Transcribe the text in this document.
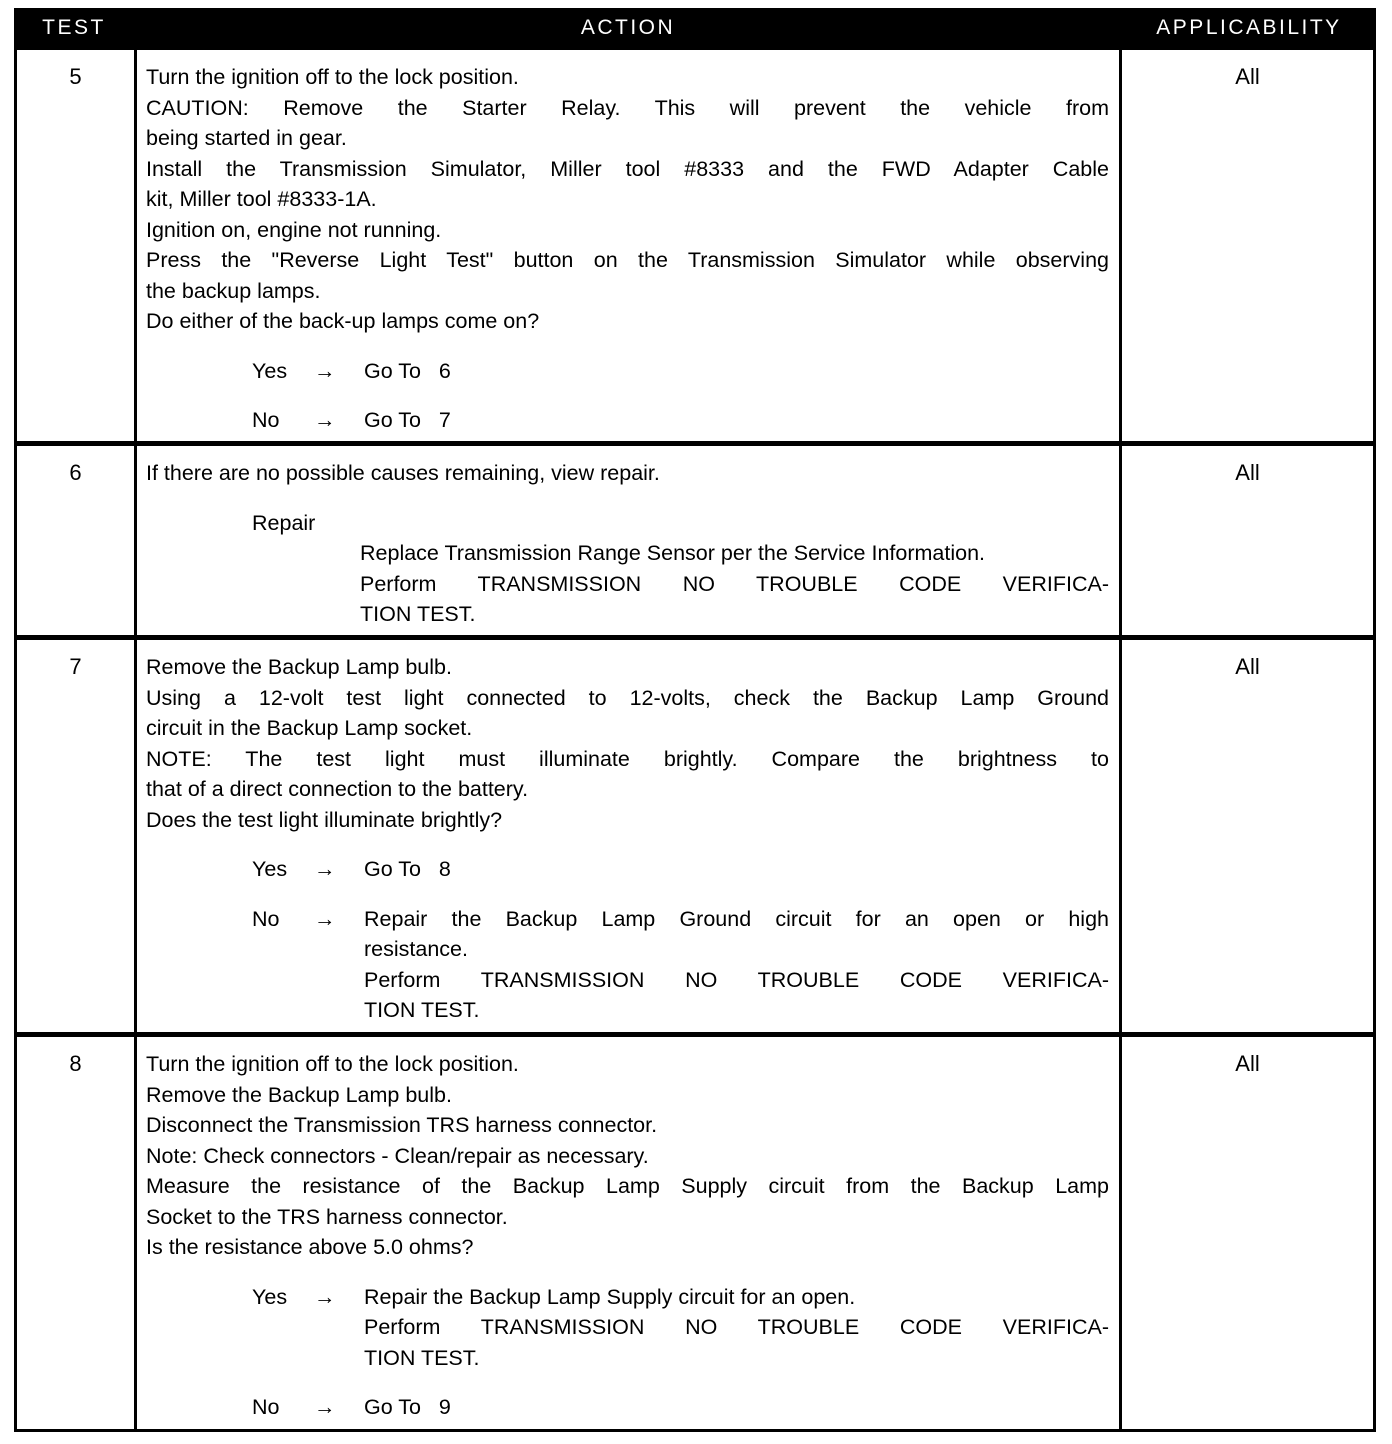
TEST	ACTION	APPLICABILITY
5	Turn the ignition off to the lock position.
CAUTION: Remove the Starter Relay. This will prevent the vehicle from
being started in gear.
Install the Transmission Simulator, Miller tool #8333 and the FWD Adapter Cable
kit, Miller tool #8333-1A.
Ignition on, engine not running.
Press the "Reverse Light Test" button on the Transmission Simulator while observing
the backup lamps.
Do either of the back-up lamps come on?
Yes → Go To   6
No → Go To   7
All
6	If there are no possible causes remaining, view repair.
Repair
Replace Transmission Range Sensor per the Service Information.
Perform TRANSMISSION NO TROUBLE CODE VERIFICA-
TION TEST.
All
7	Remove the Backup Lamp bulb.
Using a 12-volt test light connected to 12-volts, check the Backup Lamp Ground
circuit in the Backup Lamp socket.
NOTE: The test light must illuminate brightly. Compare the brightness to
that of a direct connection to the battery.
Does the test light illuminate brightly?
Yes → Go To   8
No → Repair the Backup Lamp Ground circuit for an open or high
resistance.
Perform TRANSMISSION NO TROUBLE CODE VERIFICA-
TION TEST.
All
8	Turn the ignition off to the lock position.
Remove the Backup Lamp bulb.
Disconnect the Transmission TRS harness connector.
Note: Check connectors - Clean/repair as necessary.
Measure the resistance of the Backup Lamp Supply circuit from the Backup Lamp
Socket to the TRS harness connector.
Is the resistance above 5.0 ohms?
Yes → Repair the Backup Lamp Supply circuit for an open.
Perform TRANSMISSION NO TROUBLE CODE VERIFICA-
TION TEST.
No → Go To   9
All
